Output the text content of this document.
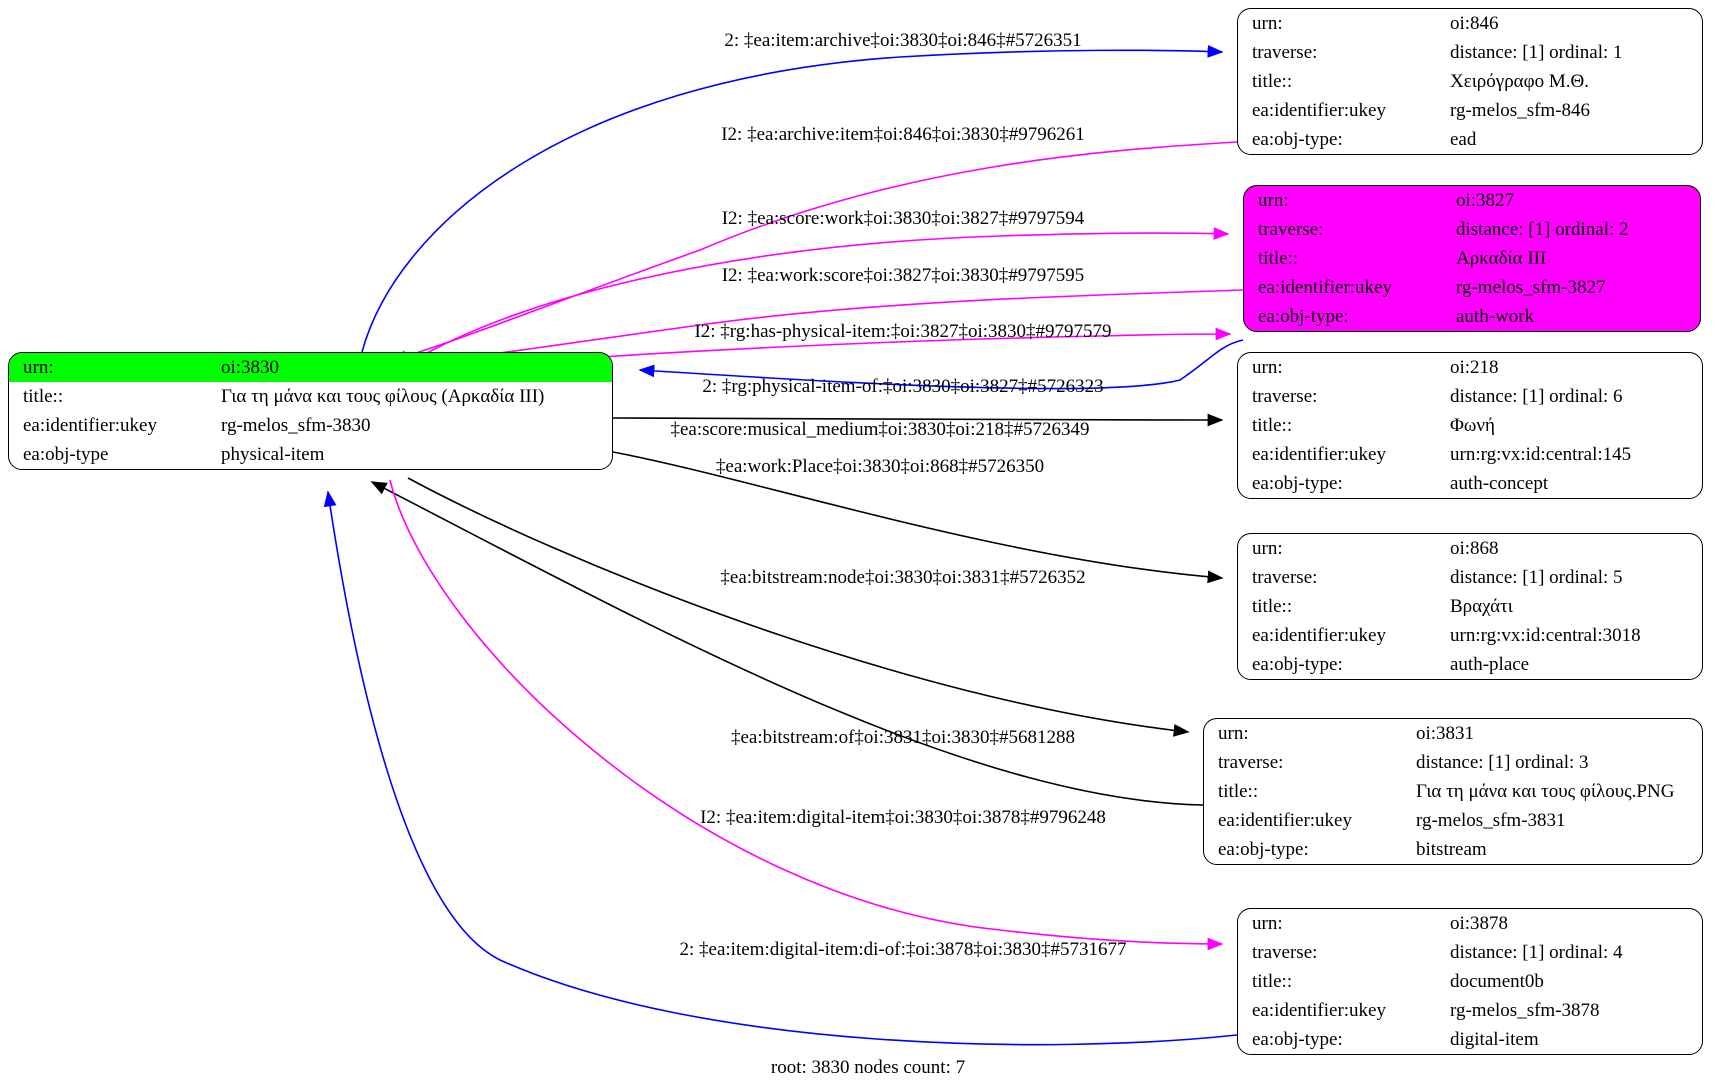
urn:	oi:3830
title::	Για τη μάνα και τους φίλους (Αρκαδία III)
ea:identifier:ukey	rg-melos_sfm-3830
ea:obj-type	physical-item
urn:	oi:846
traverse:	distance: [1] ordinal: 1
title::	Χειρόγραφο Μ.Θ.
ea:identifier:ukey	rg-melos_sfm-846
ea:obj-type:	ead
urn:	oi:3827
traverse:	distance: [1] ordinal: 2
title::	Αρκαδία III
ea:identifier:ukey	rg-melos_sfm-3827
ea:obj-type:	auth-work
urn:	oi:218
traverse:	distance: [1] ordinal: 6
title::	Φωνή
ea:identifier:ukey	urn:rg:vx:id:central:145
ea:obj-type:	auth-concept
urn:	oi:868
traverse:	distance: [1] ordinal: 5
title::	Βραχάτι
ea:identifier:ukey	urn:rg:vx:id:central:3018
ea:obj-type:	auth-place
urn:	oi:3831
traverse:	distance: [1] ordinal: 3
title::	Για τη μάνα και τους φίλους.PNG
ea:identifier:ukey	rg-melos_sfm-3831
ea:obj-type:	bitstream
urn:	oi:3878
traverse:	distance: [1] ordinal: 4
title::	document0b
ea:identifier:ukey	rg-melos_sfm-3878
ea:obj-type:	digital-item
2: ‡ea:item:archive‡oi:3830‡oi:846‡#5726351
I2: ‡ea:archive:item‡oi:846‡oi:3830‡#9796261
I2: ‡ea:score:work‡oi:3830‡oi:3827‡#9797594
I2: ‡ea:work:score‡oi:3827‡oi:3830‡#9797595
I2: ‡rg:has-physical-item:‡oi:3827‡oi:3830‡#9797579
2: ‡rg:physical-item-of:‡oi:3830‡oi:3827‡#5726323
‡ea:score:musical_medium‡oi:3830‡oi:218‡#5726349
‡ea:work:Place‡oi:3830‡oi:868‡#5726350
‡ea:bitstream:node‡oi:3830‡oi:3831‡#5726352
‡ea:bitstream:of‡oi:3831‡oi:3830‡#5681288
I2: ‡ea:item:digital-item‡oi:3830‡oi:3878‡#9796248
2: ‡ea:item:digital-item:di-of:‡oi:3878‡oi:3830‡#5731677
root: 3830 nodes count: 7
